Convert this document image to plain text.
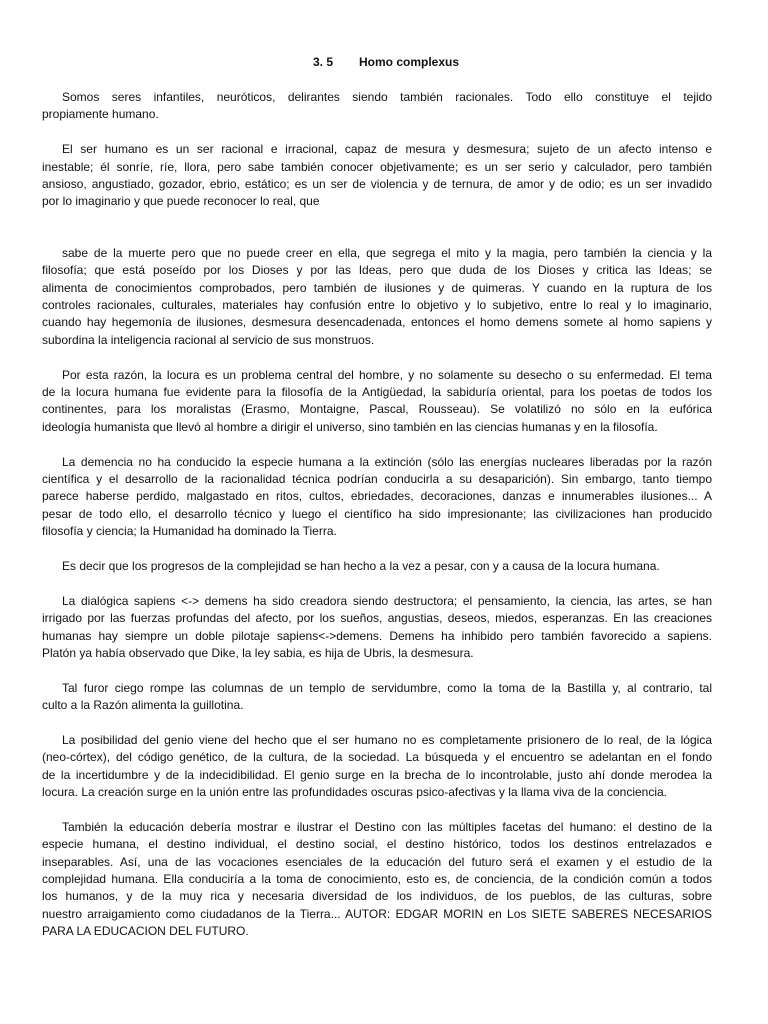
3. 5 Homo complexus
Somos seres infantiles, neuróticos, delirantes siendo también racionales. Todo ello constituye el tejido
propiamente humano.
El ser humano es un ser racional e irracional, capaz de mesura y desmesura; sujeto de un afecto intenso e
inestable; él sonríe, ríe, llora, pero sabe también conocer objetivamente; es un ser serio y calculador, pero también
ansioso, angustiado, gozador, ebrio, estático; es un ser de violencia y de ternura, de amor y de odio; es un ser invadido
por lo imaginario y que puede reconocer lo real, que
sabe de la muerte pero que no puede creer en ella, que segrega el mito y la magia, pero también la ciencia y la
filosofía; que está poseído por los Dioses y por las Ideas, pero que duda de los Dioses y critica las Ideas; se
alimenta de conocimientos comprobados, pero también de ilusiones y de quimeras. Y cuando en la ruptura de los
controles racionales, culturales, materiales hay confusión entre lo objetivo y lo subjetivo, entre lo real y lo imaginario,
cuando hay hegemonía de ilusiones, desmesura desencadenada, entonces el homo demens somete al homo sapiens y
subordina la inteligencia racional al servicio de sus monstruos.
Por esta razón, la locura es un problema central del hombre, y no solamente su desecho o su enfermedad. El tema
de la locura humana fue evidente para la filosofía de la Antigüedad, la sabiduría oriental, para los poetas de todos los
continentes, para los moralistas (Erasmo, Montaigne, Pascal, Rousseau). Se volatilizó no sólo en la eufórica
ideología humanista que llevó al hombre a dirigir el universo, sino también en las ciencias humanas y en la filosofía.
La demencia no ha conducido la especie humana a la extinción (sólo las energías nucleares liberadas por la razón
científica y el desarrollo de la racionalidad técnica podrían conducirla a su desaparición). Sin embargo, tanto tiempo
parece haberse perdido, malgastado en ritos, cultos, ebriedades, decoraciones, danzas e innumerables ilusiones... A
pesar de todo ello, el desarrollo técnico y luego el científico ha sido impresionante; las civilizaciones han producido
filosofía y ciencia; la Humanidad ha dominado la Tierra.
Es decir que los progresos de la complejidad se han hecho a la vez a pesar, con y a causa de la locura humana.
La dialógica sapiens <-> demens ha sido creadora siendo destructora; el pensamiento, la ciencia, las artes, se han
irrigado por las fuerzas profundas del afecto, por los sueños, angustias, deseos, miedos, esperanzas. En las creaciones
humanas hay siempre un doble pilotaje sapiens<->demens. Demens ha inhibido pero también favorecido a sapiens.
Platón ya había observado que Dike, la ley sabia, es hija de Ubris, la desmesura.
Tal furor ciego rompe las columnas de un templo de servidumbre, como la toma de la Bastilla y, al contrario, tal
culto a la Razón alimenta la guillotina.
La posibilidad del genio viene del hecho que el ser humano no es completamente prisionero de lo real, de la lógica
(neo-córtex), del código genético, de la cultura, de la sociedad. La búsqueda y el encuentro se adelantan en el fondo
de la incertidumbre y de la indecidibilidad. El genio surge en la brecha de lo incontrolable, justo ahí donde merodea la
locura. La creación surge en la unión entre las profundidades oscuras psico-afectivas y la llama viva de la conciencia.
También la educación debería mostrar e ilustrar el Destino con las múltiples facetas del humano: el destino de la
especie humana, el destino individual, el destino social, el destino histórico, todos los destinos entrelazados e
inseparables. Así, una de las vocaciones esenciales de la educación del futuro será el examen y el estudio de la
complejidad humana. Ella conduciría a la toma de conocimiento, esto es, de conciencia, de la condición común a todos
los humanos, y de la muy rica y necesaria diversidad de los individuos, de los pueblos, de las culturas, sobre
nuestro arraigamiento como ciudadanos de la Tierra... AUTOR: EDGAR MORIN en Los SIETE SABERES NECESARIOS
PARA LA EDUCACION DEL FUTURO.
